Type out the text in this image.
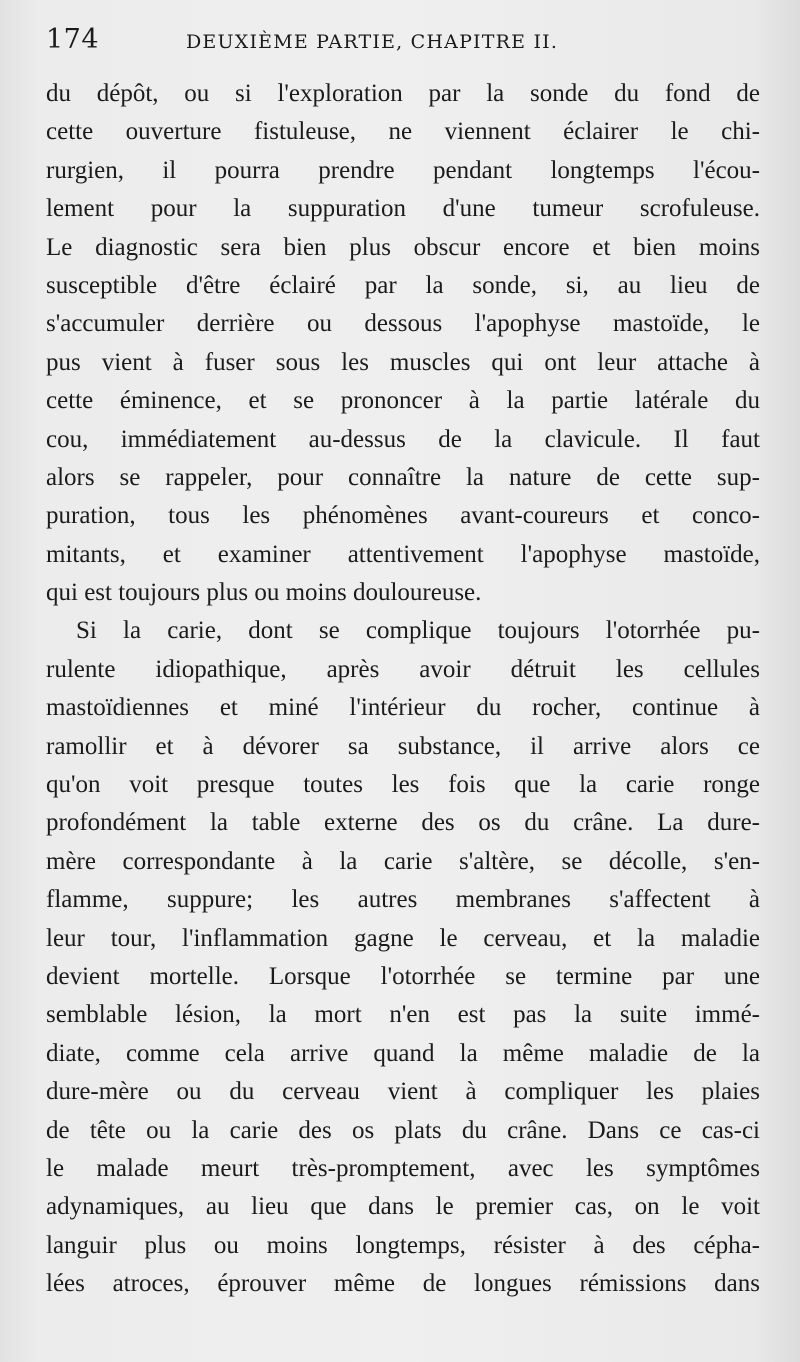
174	DEUXIÈME PARTIE, CHAPITRE II.
du dépôt, ou si l'exploration par la sonde du fond de
cette ouverture fistuleuse, ne viennent éclairer le chi-
rurgien, il pourra prendre pendant longtemps l'écou-
lement pour la suppuration d'une tumeur scrofuleuse.
Le diagnostic sera bien plus obscur encore et bien moins
susceptible d'être éclairé par la sonde, si, au lieu de
s'accumuler derrière ou dessous l'apophyse mastoïde, le
pus vient à fuser sous les muscles qui ont leur attache à
cette éminence, et se prononcer à la partie latérale du
cou, immédiatement au-dessus de la clavicule. Il faut
alors se rappeler, pour connaître la nature de cette sup-
puration, tous les phénomènes avant-coureurs et conco-
mitants, et examiner attentivement l'apophyse mastoïde,
qui est toujours plus ou moins douloureuse.
Si la carie, dont se complique toujours l'otorrhée pu-
rulente idiopathique, après avoir détruit les cellules
mastoïdiennes et miné l'intérieur du rocher, continue à
ramollir et à dévorer sa substance, il arrive alors ce
qu'on voit presque toutes les fois que la carie ronge
profondément la table externe des os du crâne. La dure-
mère correspondante à la carie s'altère, se décolle, s'en-
flamme, suppure; les autres membranes s'affectent à
leur tour, l'inflammation gagne le cerveau, et la maladie
devient mortelle. Lorsque l'otorrhée se termine par une
semblable lésion, la mort n'en est pas la suite immé-
diate, comme cela arrive quand la même maladie de la
dure-mère ou du cerveau vient à compliquer les plaies
de tête ou la carie des os plats du crâne. Dans ce cas-ci
le malade meurt très-promptement, avec les symptômes
adynamiques, au lieu que dans le premier cas, on le voit
languir plus ou moins longtemps, résister à des cépha-
lées atroces, éprouver même de longues rémissions dans
